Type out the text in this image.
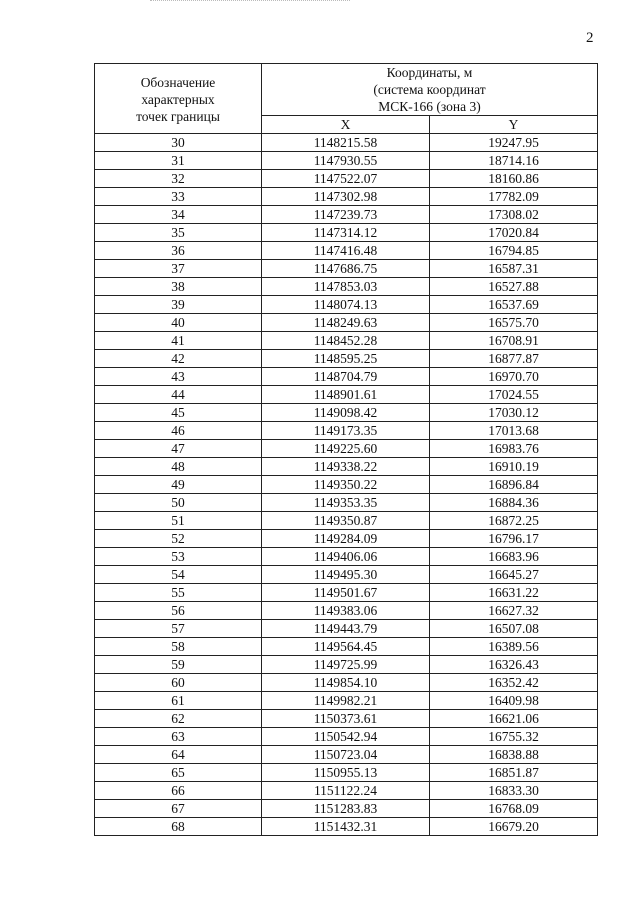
2
Обозначение
характерных
точек границы	Координаты, м
(система координат
МСК-166 (зона 3)	

	X	Y
30	1148215.58	19247.95
31	1147930.55	18714.16
32	1147522.07	18160.86
33	1147302.98	17782.09
34	1147239.73	17308.02
35	1147314.12	17020.84
36	1147416.48	16794.85
37	1147686.75	16587.31
38	1147853.03	16527.88
39	1148074.13	16537.69
40	1148249.63	16575.70
41	1148452.28	16708.91
42	1148595.25	16877.87
43	1148704.79	16970.70
44	1148901.61	17024.55
45	1149098.42	17030.12
46	1149173.35	17013.68
47	1149225.60	16983.76
48	1149338.22	16910.19
49	1149350.22	16896.84
50	1149353.35	16884.36
51	1149350.87	16872.25
52	1149284.09	16796.17
53	1149406.06	16683.96
54	1149495.30	16645.27
55	1149501.67	16631.22
56	1149383.06	16627.32
57	1149443.79	16507.08
58	1149564.45	16389.56
59	1149725.99	16326.43
60	1149854.10	16352.42
61	1149982.21	16409.98
62	1150373.61	16621.06
63	1150542.94	16755.32
64	1150723.04	16838.88
65	1150955.13	16851.87
66	1151122.24	16833.30
67	1151283.83	16768.09
68	1151432.31	16679.20
